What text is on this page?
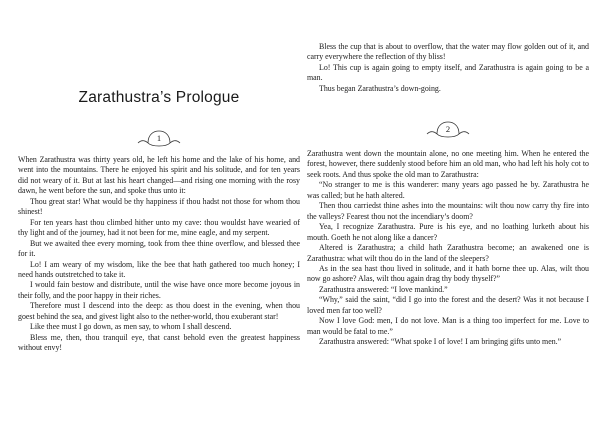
Zarathustra’s Prologue
1

When Zarathustra was thirty years old, he left his home and the lake of his home, and went into the mountains. There he enjoyed his spirit and his solitude, and for ten years did not weary of it. But at last his heart changed—and rising one morning with the rosy dawn, he went before the sun, and spoke thus unto it:

Thou great star! What would be thy happiness if thou hadst not those for whom thou shinest!

For ten years hast thou climbed hither unto my cave: thou wouldst have wearied of thy light and of the journey, had it not been for me, mine eagle, and my serpent.

But we awaited thee every morning, took from thee thine overflow, and blessed thee for it.

Lo! I am weary of my wisdom, like the bee that hath gathered too much honey; I need hands outstretched to take it.

I would fain bestow and distribute, until the wise have once more become joyous in their folly, and the poor happy in their riches.

Therefore must I descend into the deep: as thou doest in the evening, when thou goest behind the sea, and givest light also to the nether-world, thou exuberant star!

Like thee must I go down, as men say, to whom I shall descend.

Bless me, then, thou tranquil eye, that canst behold even the greatest happiness without envy!

Bless the cup that is about to overflow, that the water may flow golden out of it, and carry everywhere the reflection of thy bliss!

Lo! This cup is again going to empty itself, and Zarathustra is again going to be a man.

Thus began Zarathustra’s down-going.

2

Zarathustra went down the mountain alone, no one meeting him. When he entered the forest, however, there suddenly stood before him an old man, who had left his holy cot to seek roots. And thus spoke the old man to Zarathustra:

“No stranger to me is this wanderer: many years ago passed he by. Zarathustra he was called; but he hath altered.

Then thou carriedst thine ashes into the mountains: wilt thou now carry thy fire into the valleys? Fearest thou not the incendiary’s doom?

Yea, I recognize Zarathustra. Pure is his eye, and no loathing lurketh about his mouth. Goeth he not along like a dancer?

Altered is Zarathustra; a child hath Zarathustra become; an awakened one is Zarathustra: what wilt thou do in the land of the sleepers?

As in the sea hast thou lived in solitude, and it hath borne thee up. Alas, wilt thou now go ashore? Alas, wilt thou again drag thy body thyself?”

Zarathustra answered: “I love mankind.”

“Why,” said the saint, “did I go into the forest and the desert? Was it not because I loved men far too well?

Now I love God: men, I do not love. Man is a thing too imperfect for me. Love to man would be fatal to me.”

Zarathustra answered: “What spoke I of love! I am bringing gifts unto men.”
